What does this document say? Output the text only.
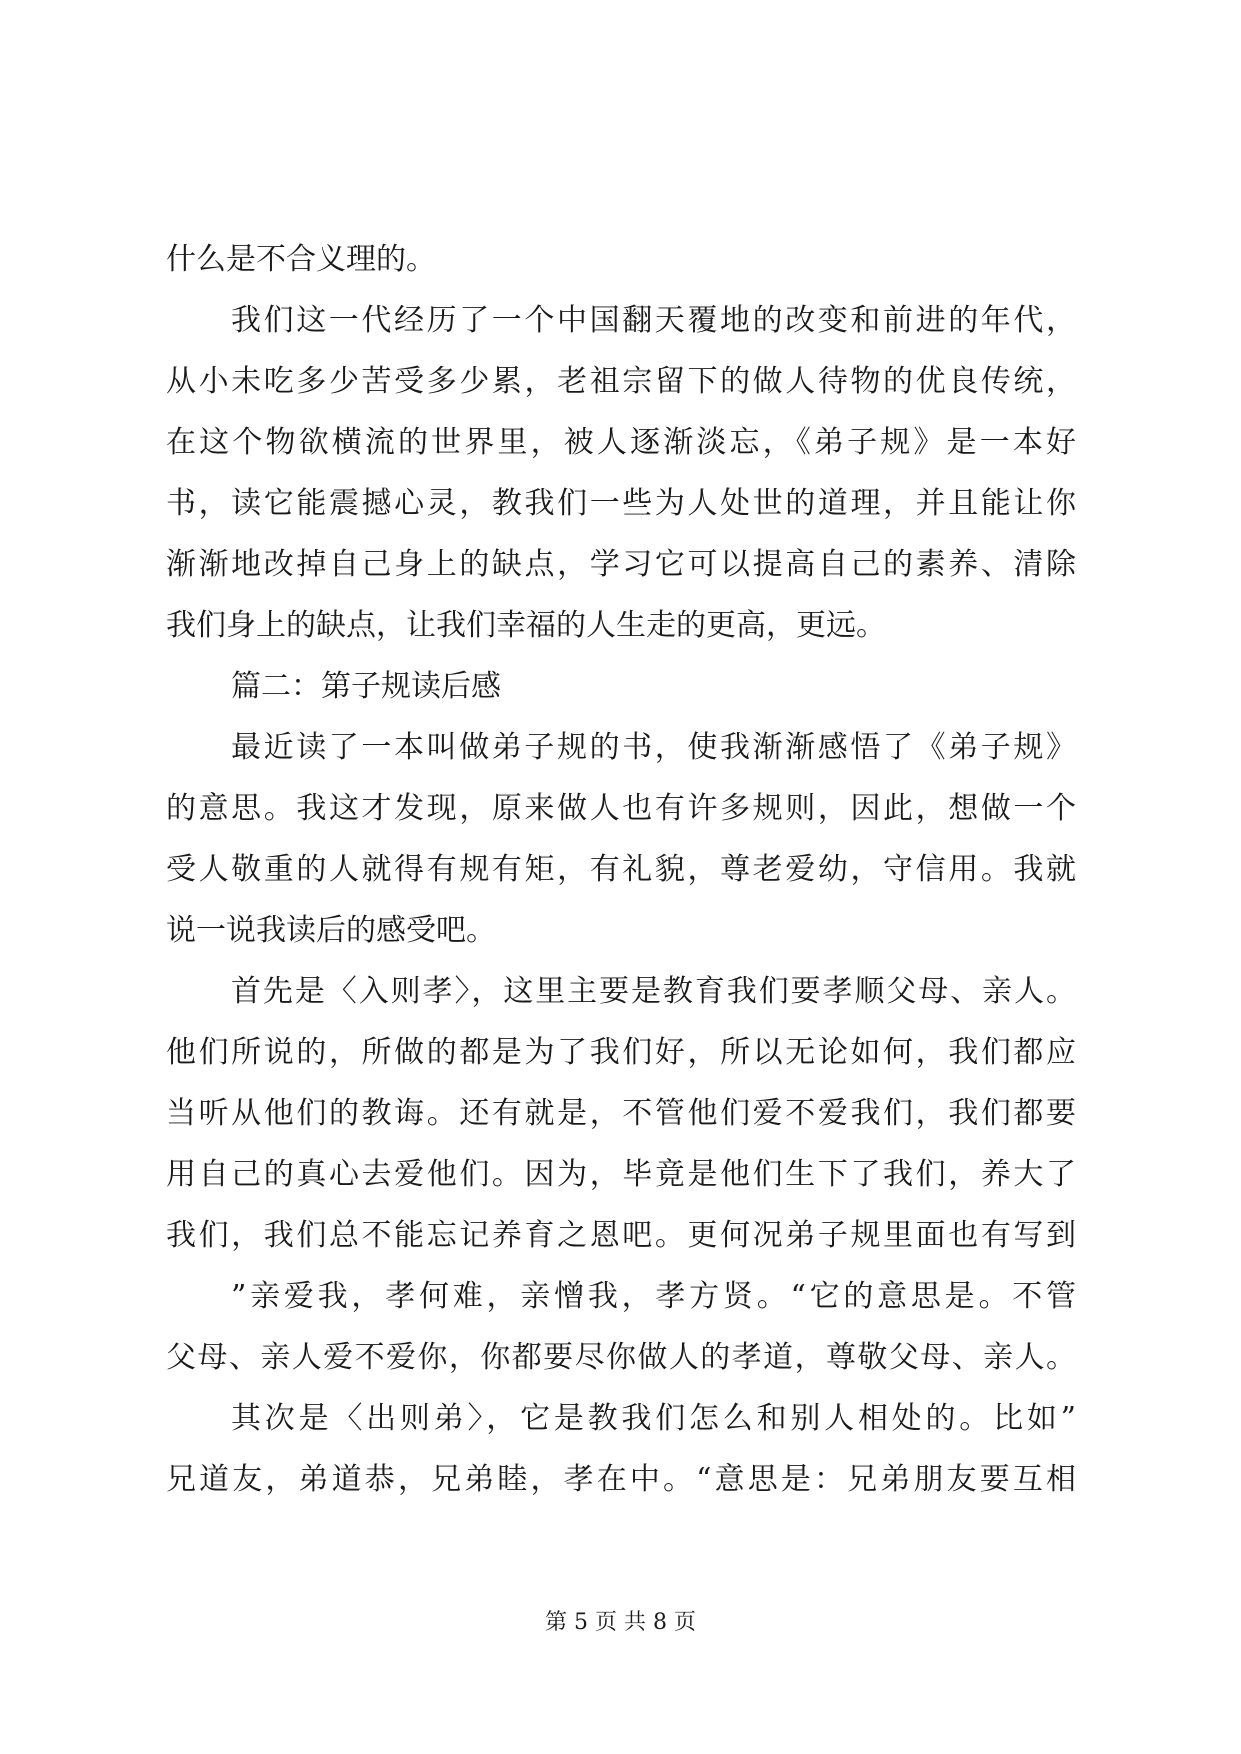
什么是不合义理的。
我们这一代经历了一个中国翻天覆地的改变和前进的年代，
从小未吃多少苦受多少累，老祖宗留下的做人待物的优良传统，
在这个物欲横流的世界里，被人逐渐淡忘，《弟子规》是一本好
书，读它能震撼心灵，教我们一些为人处世的道理，并且能让你
渐渐地改掉自己身上的缺点，学习它可以提高自己的素养、清除
我们身上的缺点，让我们幸福的人生走的更高，更远。
篇二：第子规读后感
最近读了一本叫做弟子规的书，使我渐渐感悟了《弟子规》
的意思。我这才发现，原来做人也有许多规则，因此，想做一个
受人敬重的人就得有规有矩，有礼貌，尊老爱幼，守信用。我就
说一说我读后的感受吧。
首先是〈入则孝〉，这里主要是教育我们要孝顺父母、亲人。
他们所说的，所做的都是为了我们好，所以无论如何，我们都应
当听从他们的教诲。还有就是，不管他们爱不爱我们，我们都要
用自己的真心去爱他们。因为，毕竟是他们生下了我们，养大了
我们，我们总不能忘记养育之恩吧。更何况弟子规里面也有写到
”亲爱我，孝何难，亲憎我，孝方贤。“它的意思是。不管
父母、亲人爱不爱你，你都要尽你做人的孝道，尊敬父母、亲人。
其次是〈出则弟〉，它是教我们怎么和别人相处的。比如”
兄道友，弟道恭，兄弟睦，孝在中。“意思是：兄弟朋友要互相
第 5 页 共 8 页
